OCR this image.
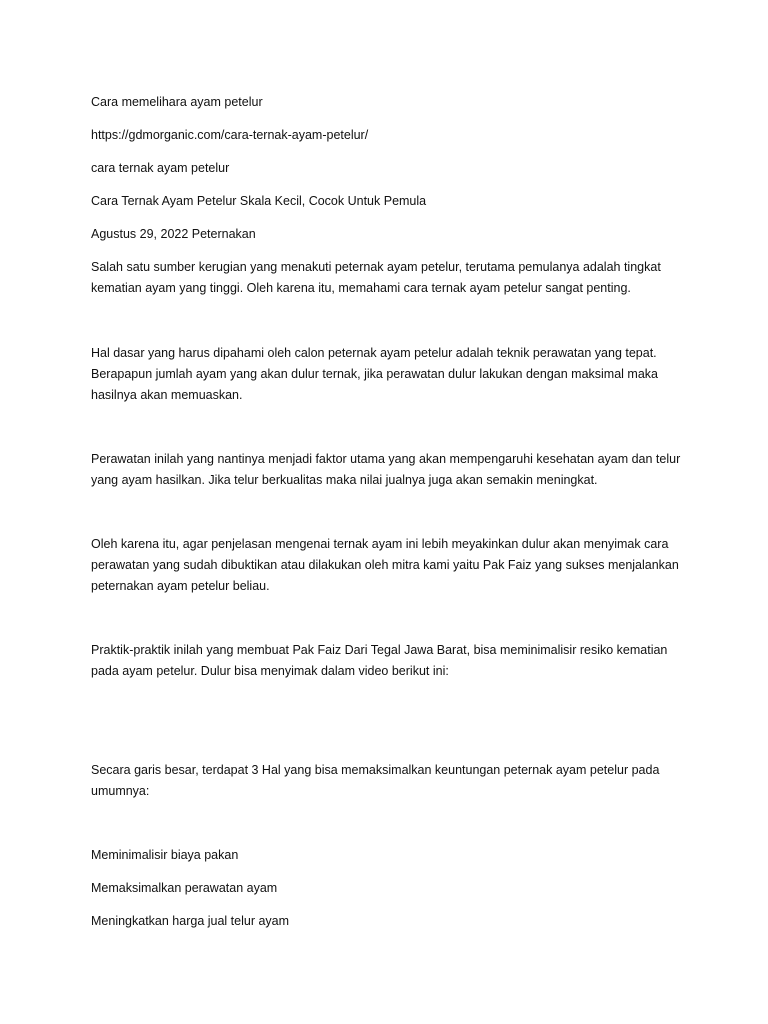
Cara memelihara ayam petelur

https://gdmorganic.com/cara-ternak-ayam-petelur/

cara ternak ayam petelur

Cara Ternak Ayam Petelur Skala Kecil, Cocok Untuk Pemula

Agustus 29, 2022 Peternakan

Salah satu sumber kerugian yang menakuti peternak ayam petelur, terutama pemulanya adalah tingkat kematian ayam yang tinggi. Oleh karena itu, memahami cara ternak ayam petelur sangat penting.

Hal dasar yang harus dipahami oleh calon peternak ayam petelur adalah teknik perawatan yang tepat. Berapapun jumlah ayam yang akan dulur ternak, jika perawatan dulur lakukan dengan maksimal maka hasilnya akan memuaskan.

Perawatan inilah yang nantinya menjadi faktor utama yang akan mempengaruhi kesehatan ayam dan telur yang ayam hasilkan. Jika telur berkualitas maka nilai jualnya juga akan semakin meningkat.

Oleh karena itu, agar penjelasan mengenai ternak ayam ini lebih meyakinkan dulur akan menyimak cara perawatan yang sudah dibuktikan atau dilakukan oleh mitra kami yaitu Pak Faiz yang sukses menjalankan peternakan ayam petelur beliau.

Praktik-praktik inilah yang membuat Pak Faiz Dari Tegal Jawa Barat, bisa meminimalisir resiko kematian pada ayam petelur. Dulur bisa menyimak dalam video berikut ini:

Secara garis besar, terdapat 3 Hal yang bisa memaksimalkan keuntungan peternak ayam petelur pada umumnya:

Meminimalisir biaya pakan

Memaksimalkan perawatan ayam

Meningkatkan harga jual telur ayam
